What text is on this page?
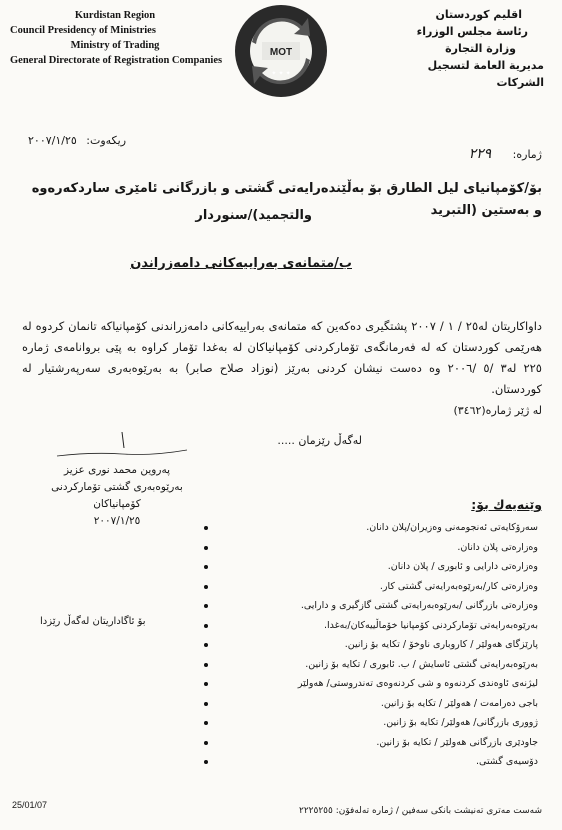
Kurdistan Region
Council Presidency of Ministries
Ministry of Trading
General Directorate of Registration Companies
✦ ✦ ✦
MOT
اقليم كوردستان
رئاسة مجلس الوزراء
وزارة التجارة
مديرية العامة لتسجيل الشركات
ژماره: ٢٢٩
ریكەوت: ٢٠٠٧/١/٢٥
بۆ/كۆمپانیای لیل الطارق بۆ بەڵێندەرایەتی گشتی و بازرگانی ئامێری ساردكەرەوە و بەستین (التبريد
والتجميد)/سنوردار
ب/متمانەی بەراییەكانی دامەزراندن
داواكاریتان لە٢٥ / ١ / ٢٠٠٧ پشتگیری دەكەین كە متمانەی بەراییەكانی دامەزراندنی كۆمپانیاكە تانمان كردوە لە هەرێمی كوردستان كە لە فەرمانگەی تۆماركردنی كۆمپانیاكان لە بەغدا تۆمار كراوە بە پێی بروانامەی ژمارە ٢٢٥ لە٣ /٥ /٢٠٠٦ وە دەست نیشان كردنی بەرێز (نوزاد صلاح صابر) بە بەرێوەبەری سەرپەرشتیار لە كوردستان.
لە ژێر ژمارە(٣٤٦٢)
لەگەڵ رێزمان .....
پەروین محمد نوری عزیز
بەرێوەبەری گشتی تۆماركردنی
كۆمپانیاكان
٢٠٠٧/١/٢٥
بۆ ئاگاداریتان لەگەڵ رێزدا
وێنەیەك بۆ:
سەرۆكایەتی ئەنجومەنی وەزیران/پلان دانان.
وەزارەتی پلان دانان.
وەزارەتی دارایی و ئابوری / پلان دانان.
وەزارەتی كار/بەرێوەبەرایەتی گشتی كار.
وەزارەتی بازرگانی /بەرێوەبەرایەتی گشتی گازگیری و دارایی.
بەرێوەبەرایەتی تۆماركردنی كۆمپانیا خۆماڵییەكان/بەغدا.
پارێزگای هەولێر / كاروباری ناوخۆ / تكایە بۆ زانین.
بەرێوەبەرایەتی گشتی ئاسایش / ب. ئابوری / تكایە بۆ زانین.
لیژنەی ئاوەندی كردنەوە و شی كردنەوەی تەندروستی/ هەولێر
باجی دەرامەت / هەولێر / تكایە بۆ زانین.
ژووری بازرگانی/ هەولێر/ تكایە بۆ زانین.
جاودێری بازرگانی هەولێر / تكایە بۆ زانین.
دۆسیەی گشتی.
25/01/07
شەست مەتری تەنیشت بانكی سەفین / ژمارە تەلەفۆن: ٢٢٢٥٢٥٥
